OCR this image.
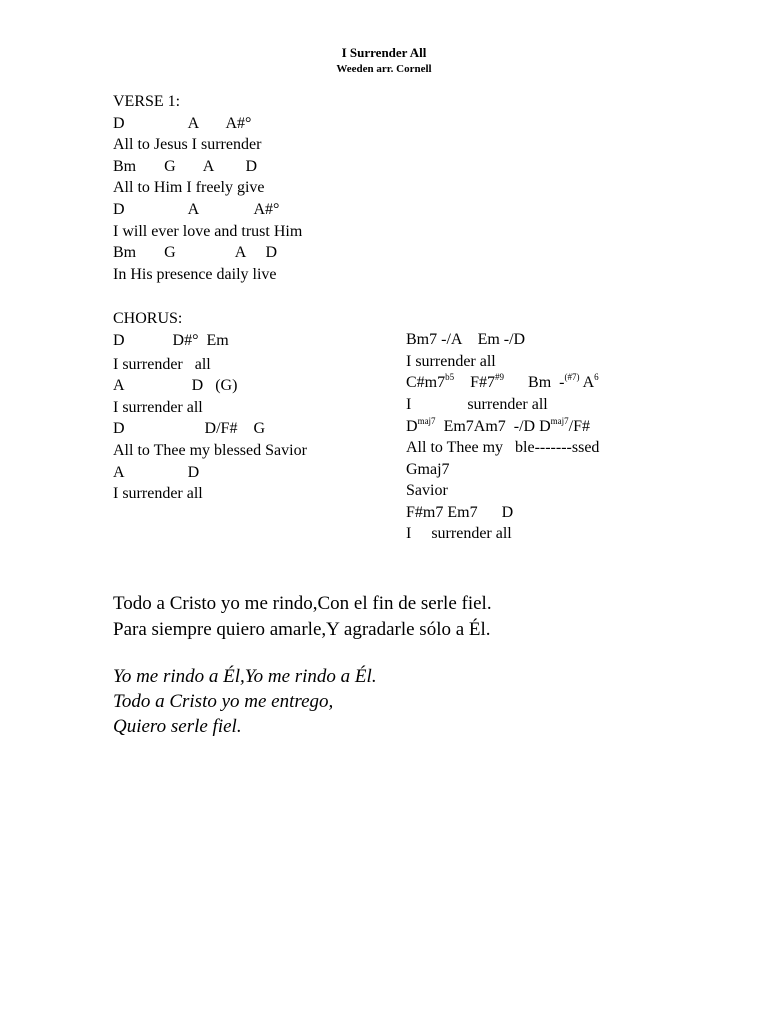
I Surrender All
Weeden arr. Cornell
VERSE 1:
D                A       A#°
All to Jesus I surrender
Bm       G       A        D
All to Him I freely give
D                A              A#°
I will ever love and trust Him
Bm       G               A     D
In His presence daily live
CHORUS:
D            D#°  Em
I surrender   all
A                 D   (G)
I surrender all
D                    D/F#    G
All to Thee my blessed Savior
A                D
I surrender all
Bm7 -/A    Em -/D
I surrender all
$C\#m7^{b5}$    F#7$^{\#9}$      Bm  -$^{(\#7)}$ $A^6$
I              surrender all
$D^{maj7}$  Em7Am7  -/D $D^{maj7}/F\#$
All to Thee my   ble-------ssed
Gmaj7
Savior
F#m7 Em7      D
I     surrender all
Todo a Cristo yo me rindo,Con el fin de serle fiel.
Para siempre quiero amarle,Y agradarle sólo a Él.
Yo me rindo a Él,Yo me rindo a Él.
Todo a Cristo yo me entrego,
Quiero serle fiel.
